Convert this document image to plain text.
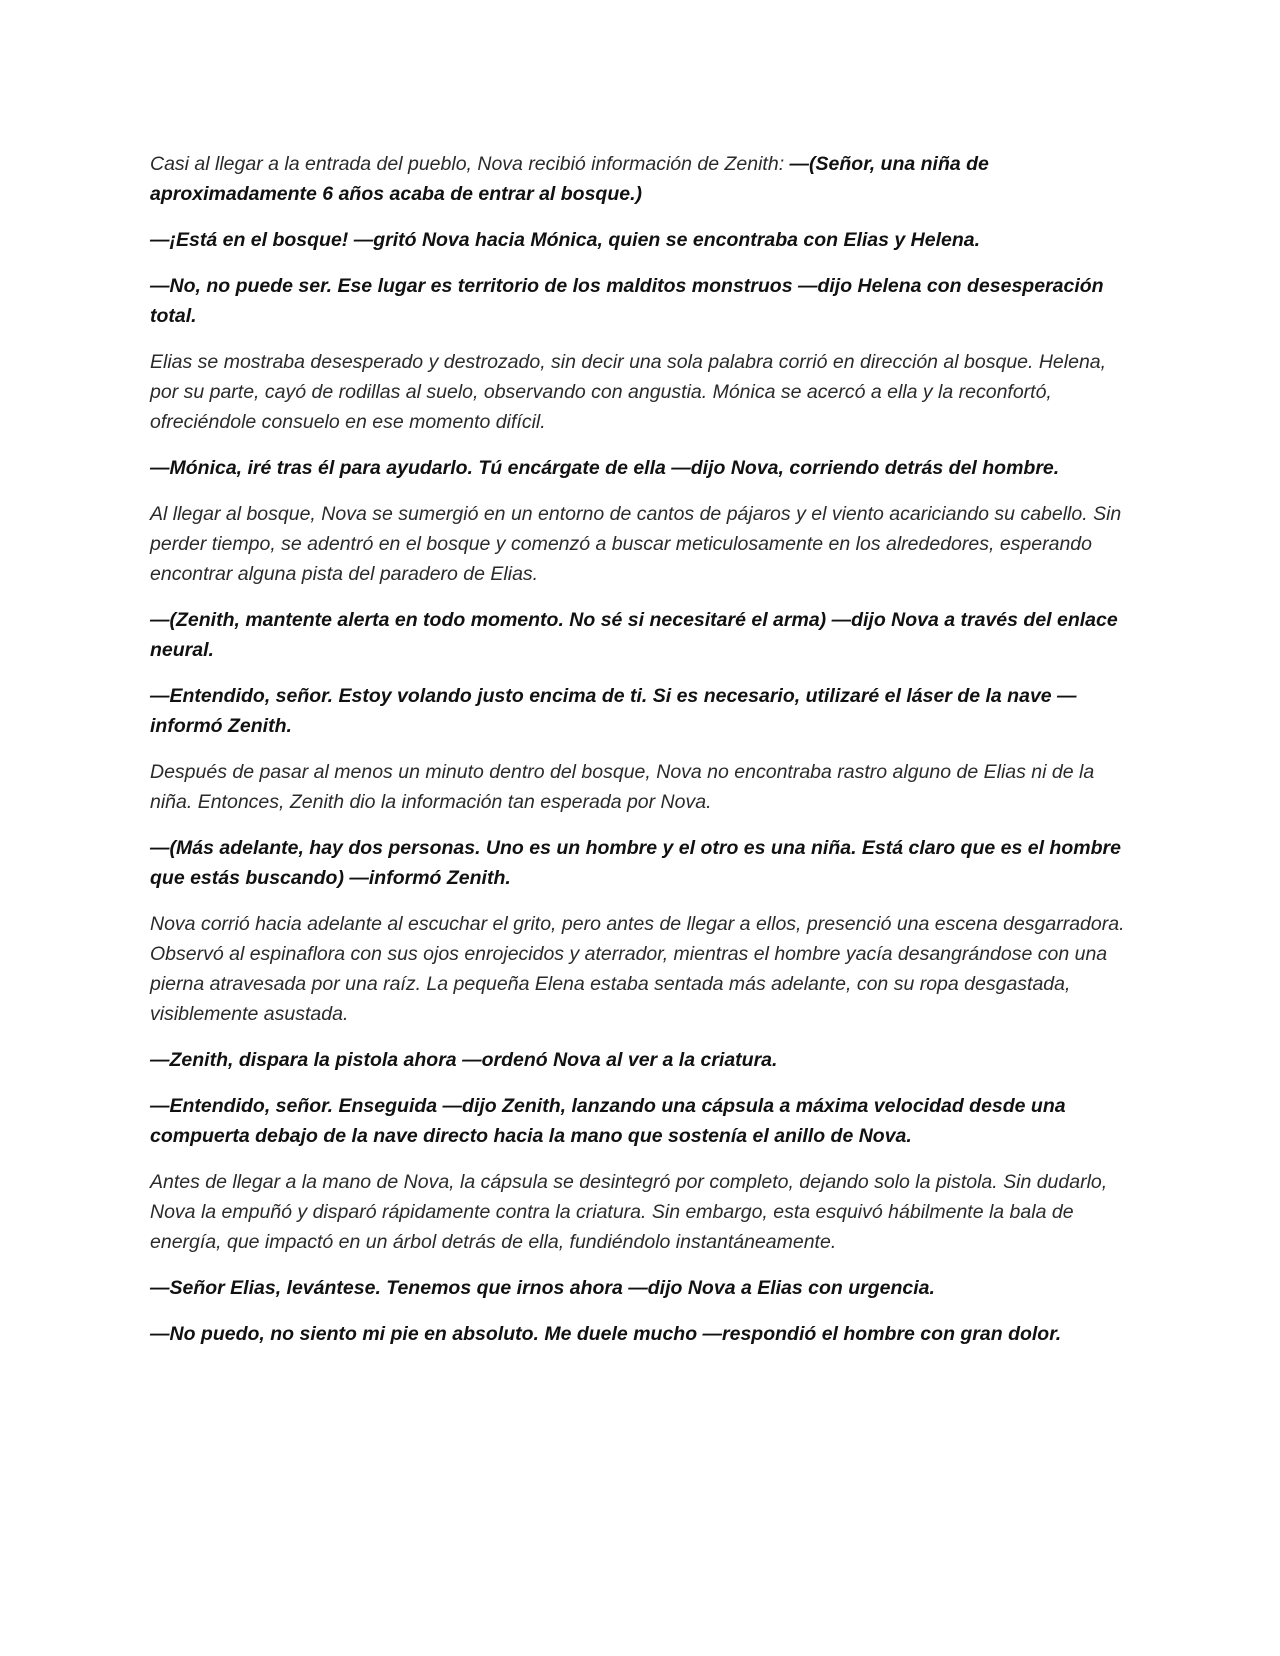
Casi al llegar a la entrada del pueblo, Nova recibió información de Zenith: —(Señor, una niña de aproximadamente 6 años acaba de entrar al bosque.)

—¡Está en el bosque! —gritó Nova hacia Mónica, quien se encontraba con Elias y Helena.

—No, no puede ser. Ese lugar es territorio de los malditos monstruos —dijo Helena con desesperación total.

Elias se mostraba desesperado y destrozado, sin decir una sola palabra corrió en dirección al bosque. Helena, por su parte, cayó de rodillas al suelo, observando con angustia. Mónica se acercó a ella y la reconfortó, ofreciéndole consuelo en ese momento difícil.

—Mónica, iré tras él para ayudarlo. Tú encárgate de ella —dijo Nova, corriendo detrás del hombre.

Al llegar al bosque, Nova se sumergió en un entorno de cantos de pájaros y el viento acariciando su cabello. Sin perder tiempo, se adentró en el bosque y comenzó a buscar meticulosamente en los alrededores, esperando encontrar alguna pista del paradero de Elias.

—(Zenith, mantente alerta en todo momento. No sé si necesitaré el arma) —dijo Nova a través del enlace neural.

—Entendido, señor. Estoy volando justo encima de ti. Si es necesario, utilizaré el láser de la nave —informó Zenith.

Después de pasar al menos un minuto dentro del bosque, Nova no encontraba rastro alguno de Elias ni de la niña. Entonces, Zenith dio la información tan esperada por Nova.

—(Más adelante, hay dos personas. Uno es un hombre y el otro es una niña. Está claro que es el hombre que estás buscando) —informó Zenith.

Nova corrió hacia adelante al escuchar el grito, pero antes de llegar a ellos, presenció una escena desgarradora. Observó al espinaflora con sus ojos enrojecidos y aterrador, mientras el hombre yacía desangrándose con una pierna atravesada por una raíz. La pequeña Elena estaba sentada más adelante, con su ropa desgastada, visiblemente asustada.

—Zenith, dispara la pistola ahora —ordenó Nova al ver a la criatura.

—Entendido, señor. Enseguida —dijo Zenith, lanzando una cápsula a máxima velocidad desde una compuerta debajo de la nave directo hacia la mano que sostenía el anillo de Nova.

Antes de llegar a la mano de Nova, la cápsula se desintegró por completo, dejando solo la pistola. Sin dudarlo, Nova la empuñó y disparó rápidamente contra la criatura. Sin embargo, esta esquivó hábilmente la bala de energía, que impactó en un árbol detrás de ella, fundiéndolo instantáneamente.

—Señor Elias, levántese. Tenemos que irnos ahora —dijo Nova a Elias con urgencia.

—No puedo, no siento mi pie en absoluto. Me duele mucho —respondió el hombre con gran dolor.
